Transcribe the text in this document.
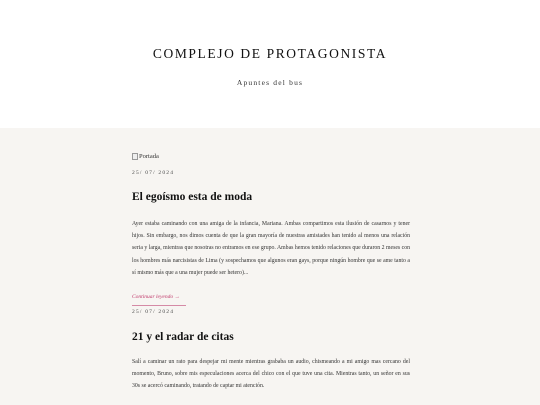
COMPLEJO DE PROTAGONISTA
Apuntes del bus
Portada
25/ 07/ 2024
El egoísmo esta de moda

Ayer estaba caminando con una amiga de la infancia, Mariana. Ambas compartimos esta ilusión de casarnos y tener hijos. Sin embargo, nos dimos cuenta de que la gran mayoría de nuestras amistades han tenido al menos una relación seria y larga, mientras que nosotras no entramos en ese grupo. Ambas hemos tenido relaciones que duraron 2 meses con los hombres más narcisistas de Lima (y sospechamos que algunos eran gays, porque ningún hombre que se ame tanto a sí mismo más que a una mujer puede ser hetero)...

Continuar leyendo →
25/ 07/ 2024
21 y el radar de citas

Salí a caminar un rato para despejar mi mente mientras grababa un audio, chismeando a mi amigo mas cercano del momento, Bruno, sobre mis especulaciones acerca del chico con el que tuve una cita. Mientras tanto, un señor en sus 30s se acercó caminando, tratando de captar mi atención.
